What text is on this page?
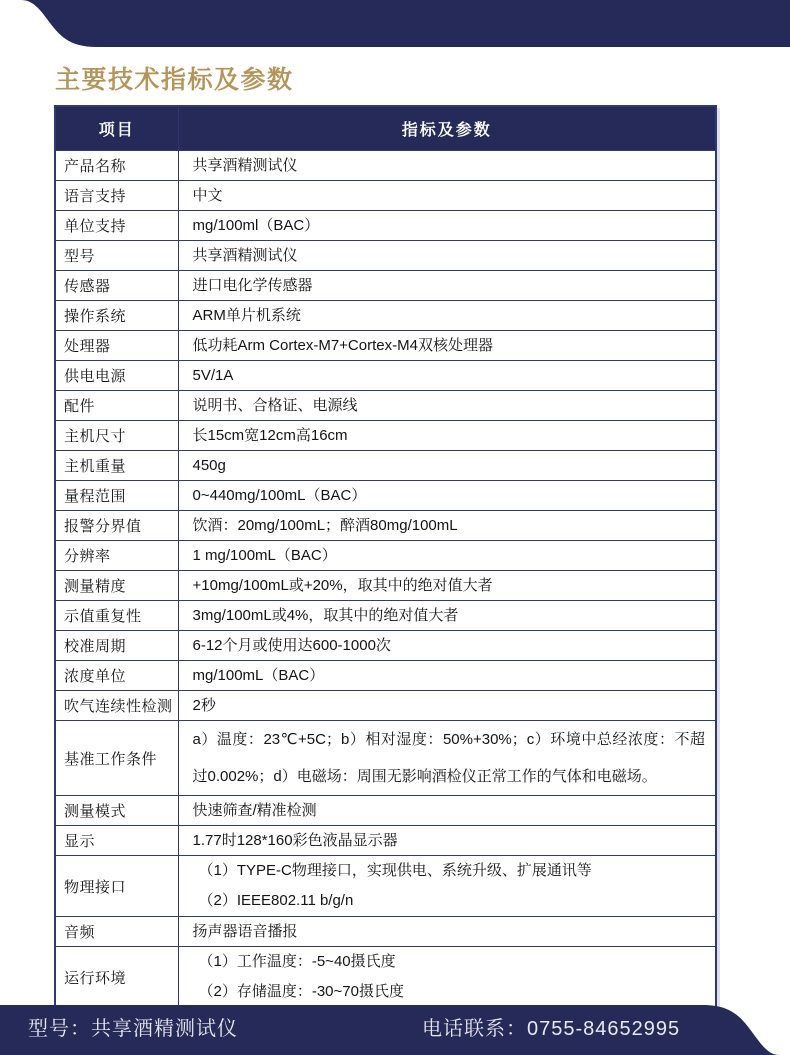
主要技术指标及参数
项目	指标及参数
产品名称	共享酒精测试仪

语言支持	中文

单位支持	mg/100ml（BAC）

型号	共享酒精测试仪

传感器	进口电化学传感器

操作系统	ARM单片机系统

处理器	低功耗Arm Cortex-M7+Cortex-M4双核处理器

供电电源	5V/1A

配件	说明书、合格证、电源线

主机尺寸	长15cm宽12cm高16cm

主机重量	450g

量程范围	0~440mg/100mL（BAC）

报警分界值	饮酒：20mg/100mL；醉酒80mg/100mL

分辨率	1 mg/100mL（BAC）

测量精度	+10mg/100mL或+20%，取其中的绝对值大者

示值重复性	3mg/100mL或4%，取其中的绝对值大者

校准周期	6-12个月或使用达600-1000次

浓度单位	mg/100mL（BAC）

吹气连续性检测	2秒

基准工作条件	a）温度：23℃+5C；b）相对湿度：50%+30%；c）环境中总经浓度：不超过0.002%；d）电磁场：周围无影响酒检仪正常工作的气体和电磁场。

测量模式	快速筛查/精准检测

显示	1.77时128*160彩色液晶显示器

物理接口	（1）TYPE-C物理接口，实现供电、系统升级、扩展通讯等
（2）IEEE802.11 b/g/n

音频	扬声器语音播报

运行环境	（1）工作温度：-5~40摄氏度
（2）存储温度：-30~70摄氏度
型号：共享酒精测试仪	电话联系：0755-84652995
